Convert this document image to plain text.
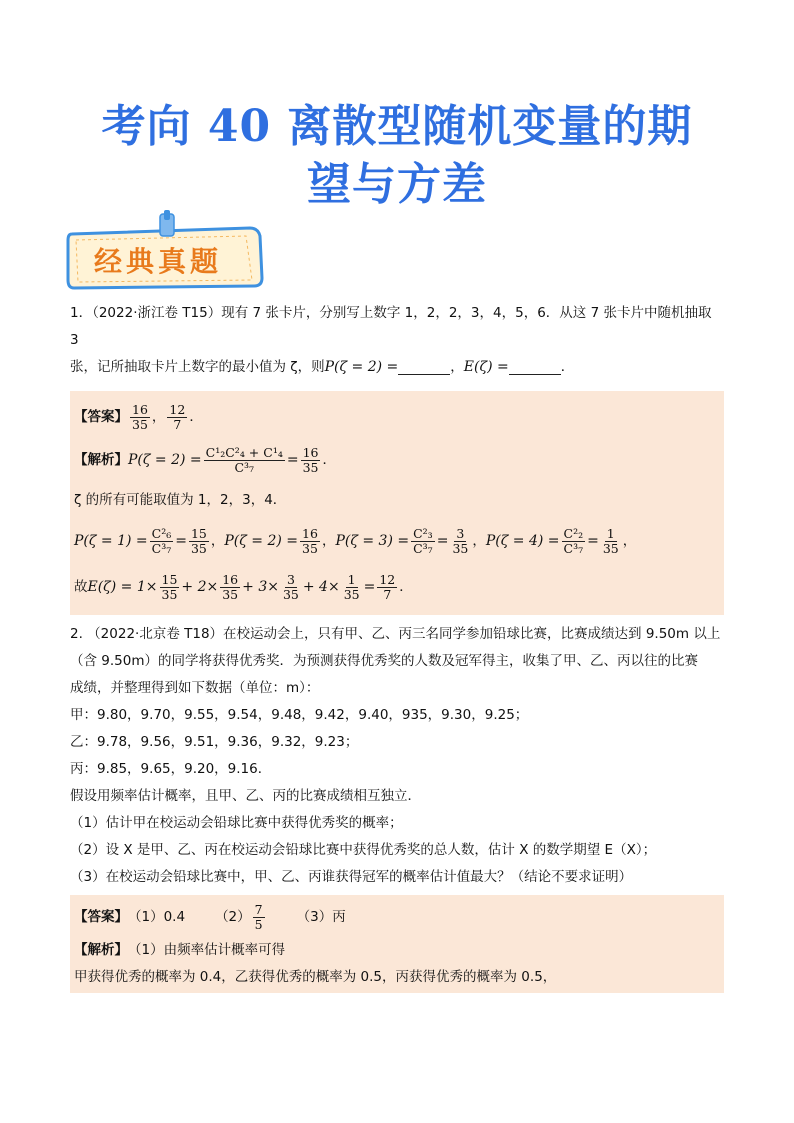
考向 40 离散型随机变量的期
望与方差
经典真题

1．（2022·浙江卷 T15）现有 7 张卡片，分别写上数字 1，2，2，3，4，5，6．从这 7 张卡片中随机抽取 3

张，记所抽取卡片上数字的最小值为 ζ，则 P(ζ = 2) =	， E(ζ) =	．

【答案】 $\frac{16}{35}$ ， $\frac{12}{7}$ ．
【解析】 $P(\zeta = 2) = \frac{\text{C¹₂C²₄ + C¹₄}}{\text{C³₇}} = \frac{16}{35}$ ．
ζ 的所有可能取值为 1，2，3，4．
$P(\zeta = 1) = \frac{\text{C²₆}}{\text{C³₇}} = \frac{15}{35}$ ， $P(\zeta = 2) = \frac{16}{35}$ ， $P(\zeta = 3) = \frac{\text{C²₃}}{\text{C³₇}} = \frac{3}{35}$ ， $P(\zeta = 4) = \frac{\text{C²₂}}{\text{C³₇}} = \frac{1}{35}$ ，
故 $E(\zeta) = 1\times \frac{15}{35} + 2\times \frac{16}{35} + 3\times \frac{3}{35} + 4\times \frac{1}{35} = \frac{12}{7}$ ．

2. （2022·北京卷 T18）在校运动会上，只有甲、乙、丙三名同学参加铅球比赛，比赛成绩达到 9.50m 以上

（含 9.50m）的同学将获得优秀奖．为预测获得优秀奖的人数及冠军得主，收集了甲、乙、丙以往的比赛

成绩，并整理得到如下数据（单位：m）：

甲：9.80，9.70，9.55，9.54，9.48，9.42，9.40，935，9.30，9.25；

乙：9.78，9.56，9.51，9.36，9.32，9.23；

丙：9.85，9.65，9.20，9.16．

假设用频率估计概率，且甲、乙、丙的比赛成绩相互独立．

（1）估计甲在校运动会铅球比赛中获得优秀奖的概率；

（2）设 X 是甲、乙、丙在校运动会铅球比赛中获得优秀奖的总人数，估计 X 的数学期望 E（X）；

（3）在校运动会铅球比赛中，甲、乙、丙谁获得冠军的概率估计值最大？（结论不要求证明）

【答案】 （1）0.4 $(2) \frac{7}{5} (3)$丙
【解析】 （1）由频率估计概率可得
甲获得优秀的概率为 0.4，乙获得优秀的概率为 0.5，丙获得优秀的概率为 0.5，
